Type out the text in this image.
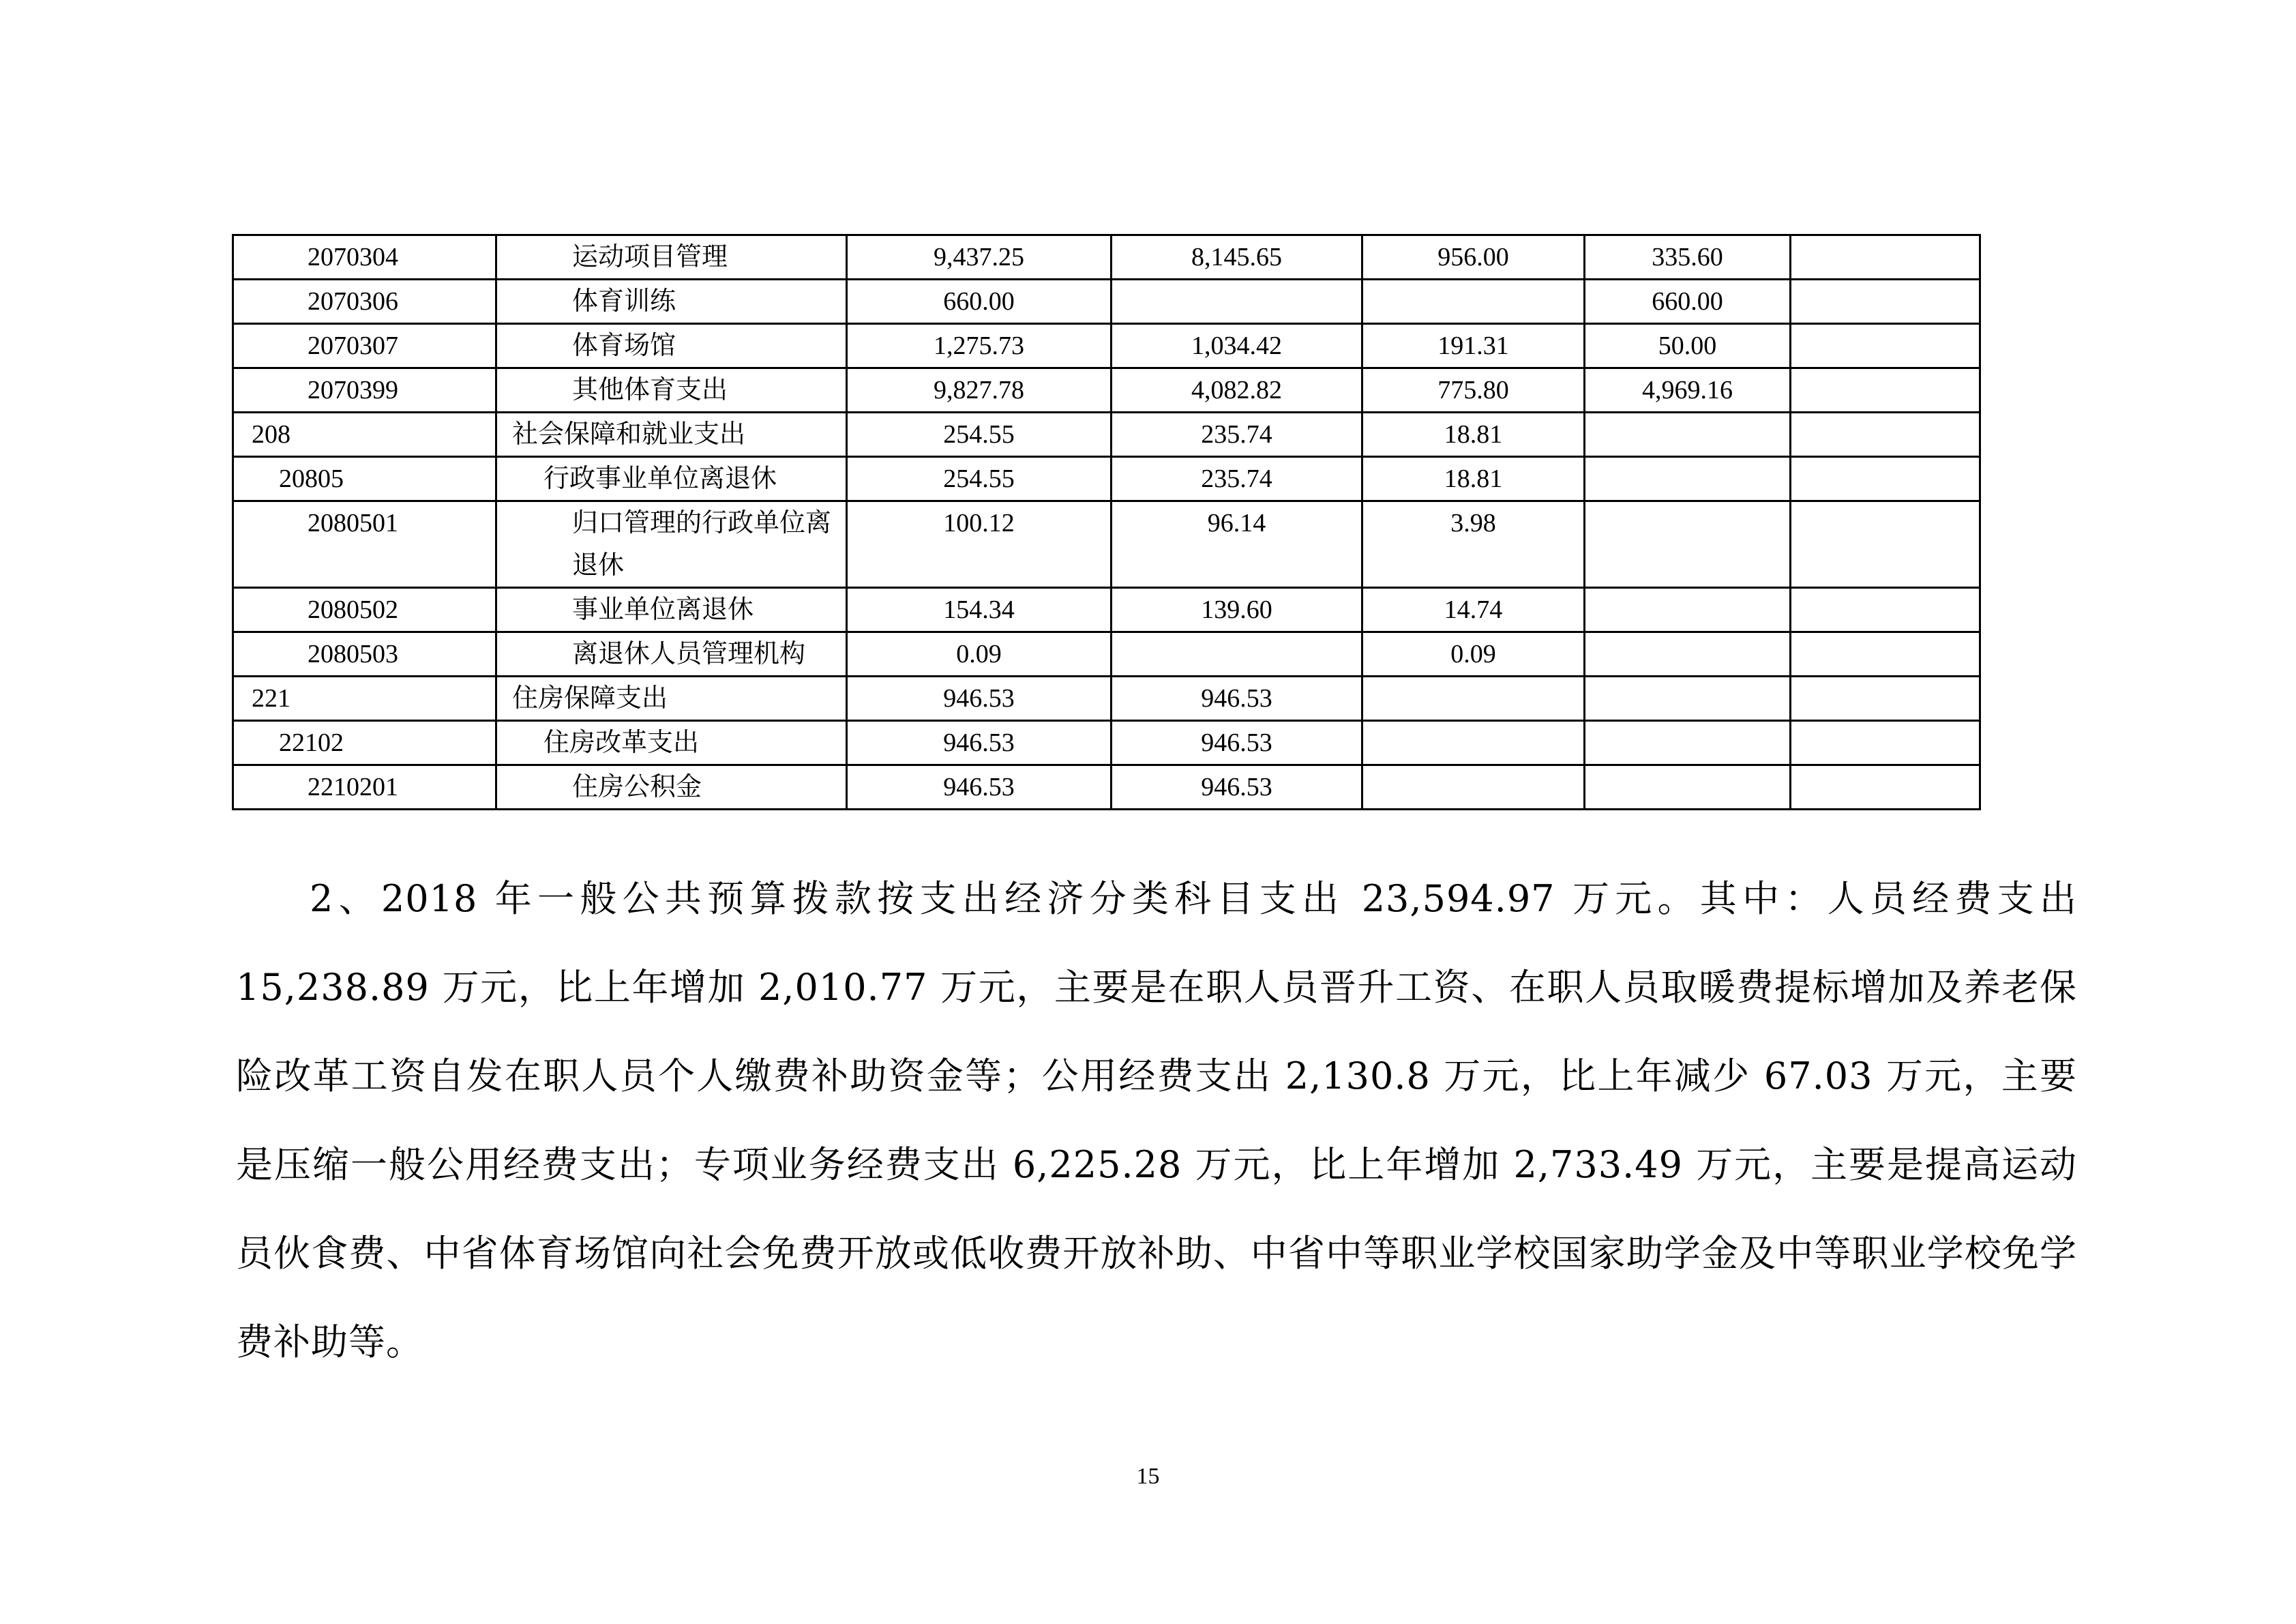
2070304	运动项目管理	9,437.25	8,145.65	956.00	335.60	
2070306	体育训练	660.00			660.00	
2070307	体育场馆	1,275.73	1,034.42	191.31	50.00	
2070399	其他体育支出	9,827.78	4,082.82	775.80	4,969.16	
208	社会保障和就业支出	254.55	235.74	18.81		
20805	行政事业单位离退休	254.55	235.74	18.81		
2080501	归口管理的行政单位离退休	100.12	96.14	3.98		
2080502	事业单位离退休	154.34	139.60	14.74		
2080503	离退休人员管理机构	0.09		0.09		
221	住房保障支出	946.53	946.53			
22102	住房改革支出	946.53	946.53			
2210201	住房公积金	946.53	946.53			

2、2018 年一般公共预算拨款按支出经济分类科目支出 23,594.97 万元。其中：人员经费支出 15,238.89 万元，比上年增加 2,010.77 万元，主要是在职人员晋升工资、在职人员取暖费提标增加及养老保险改革工资自发在职人员个人缴费补助资金等；公用经费支出 2,130.8 万元，比上年减少 67.03 万元，主要是压缩一般公用经费支出；专项业务经费支出 6,225.28 万元，比上年增加 2,733.49 万元，主要是提高运动员伙食费、中省体育场馆向社会免费开放或低收费开放补助、中省中等职业学校国家助学金及中等职业学校免学费补助等。

15
